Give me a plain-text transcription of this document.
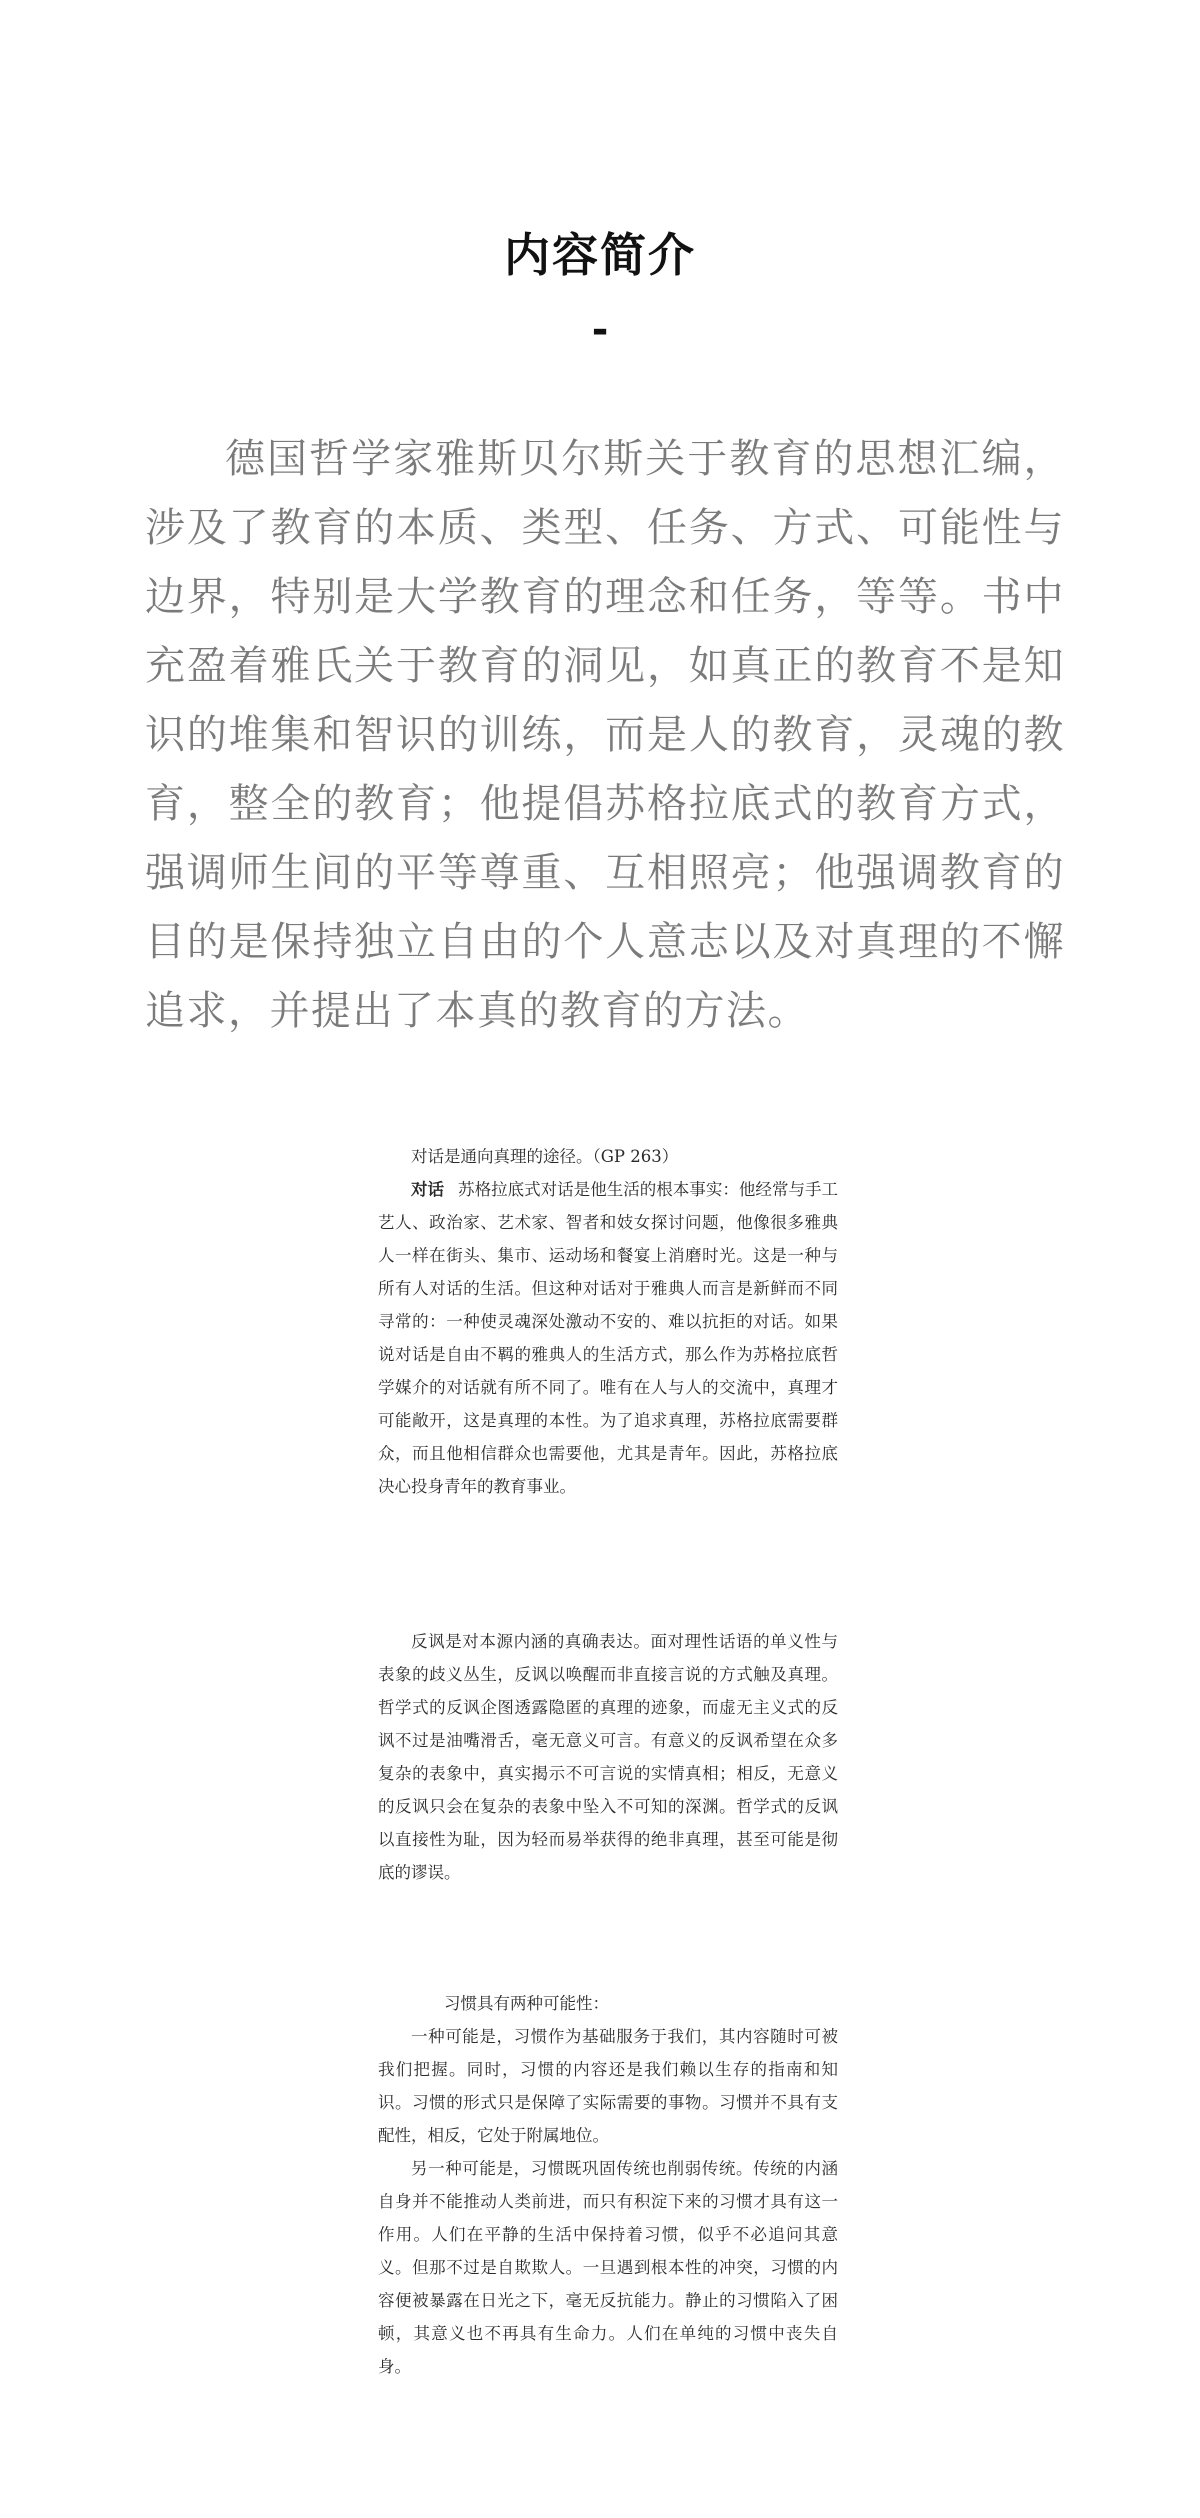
内容简介
-

德国哲学家雅斯贝尔斯关于教育的思想汇编，涉及了教育的本质、类型、任务、方式、可能性与边界，特别是大学教育的理念和任务，等等。书中充盈着雅氏关于教育的洞见，如真正的教育不是知识的堆集和智识的训练，而是人的教育，灵魂的教育，整全的教育；他提倡苏格拉底式的教育方式，强调师生间的平等尊重、互相照亮；他强调教育的目的是保持独立自由的个人意志以及对真理的不懈追求，并提出了本真的教育的方法。

对话是通向真理的途径。（GP 263）

对话 苏格拉底式对话是他生活的根本事实：他经常与手工艺人、政治家、艺术家、智者和妓女探讨问题，他像很多雅典人一样在街头、集市、运动场和餐宴上消磨时光。这是一种与所有人对话的生活。但这种对话对于雅典人而言是新鲜而不同寻常的：一种使灵魂深处激动不安的、难以抗拒的对话。如果说对话是自由不羁的雅典人的生活方式，那么作为苏格拉底哲学媒介的对话就有所不同了。唯有在人与人的交流中，真理才可能敞开，这是真理的本性。为了追求真理，苏格拉底需要群众，而且他相信群众也需要他，尤其是青年。因此，苏格拉底决心投身青年的教育事业。

反讽是对本源内涵的真确表达。面对理性话语的单义性与表象的歧义丛生，反讽以唤醒而非直接言说的方式触及真理。哲学式的反讽企图透露隐匿的真理的迹象，而虚无主义式的反讽不过是油嘴滑舌，毫无意义可言。有意义的反讽希望在众多复杂的表象中，真实揭示不可言说的实情真相；相反，无意义的反讽只会在复杂的表象中坠入不可知的深渊。哲学式的反讽以直接性为耻，因为轻而易举获得的绝非真理，甚至可能是彻底的谬误。

习惯具有两种可能性：

一种可能是，习惯作为基础服务于我们，其内容随时可被我们把握。同时，习惯的内容还是我们赖以生存的指南和知识。习惯的形式只是保障了实际需要的事物。习惯并不具有支配性，相反，它处于附属地位。

另一种可能是，习惯既巩固传统也削弱传统。传统的内涵自身并不能推动人类前进，而只有积淀下来的习惯才具有这一作用。人们在平静的生活中保持着习惯，似乎不必追问其意义。但那不过是自欺欺人。一旦遇到根本性的冲突，习惯的内容便被暴露在日光之下，毫无反抗能力。静止的习惯陷入了困顿，其意义也不再具有生命力。人们在单纯的习惯中丧失自身。
